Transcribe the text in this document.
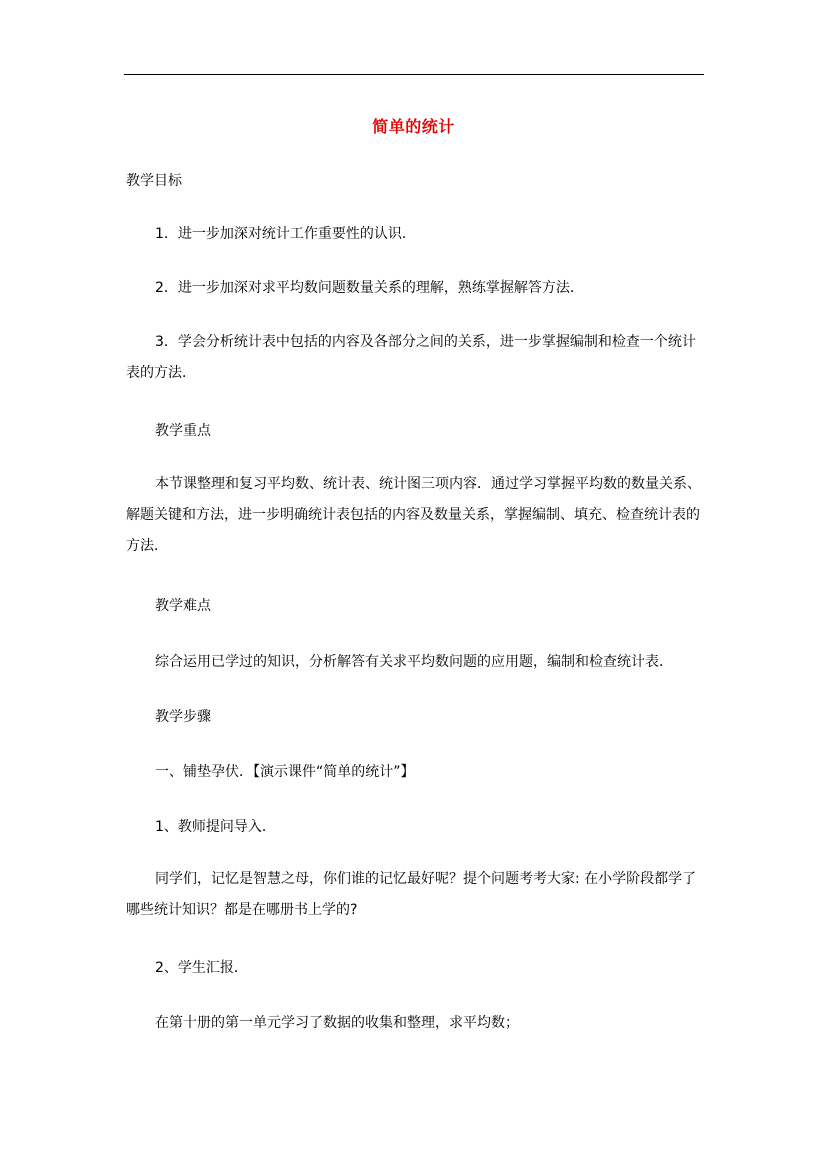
简单的统计
教学目标
1．进一步加深对统计工作重要性的认识．
2．进一步加深对求平均数问题数量关系的理解，熟练掌握解答方法．
3．学会分析统计表中包括的内容及各部分之间的关系，进一步掌握编制和检查一个统计表的方法．
教学重点
本节课整理和复习平均数、统计表、统计图三项内容．通过学习掌握平均数的数量关系、解题关键和方法，进一步明确统计表包括的内容及数量关系，掌握编制、填充、检查统计表的方法．
教学难点
综合运用已学过的知识，分析解答有关求平均数问题的应用题，编制和检查统计表．
教学步骤
一、铺垫孕伏．【演示课件“简单的统计”】
1、教师提问导入．
同学们，记忆是智慧之母，你们谁的记忆最好呢？提个问题考考大家: 在小学阶段都学了哪些统计知识？都是在哪册书上学的?
2、学生汇报．
在第十册的第一单元学习了数据的收集和整理，求平均数；
